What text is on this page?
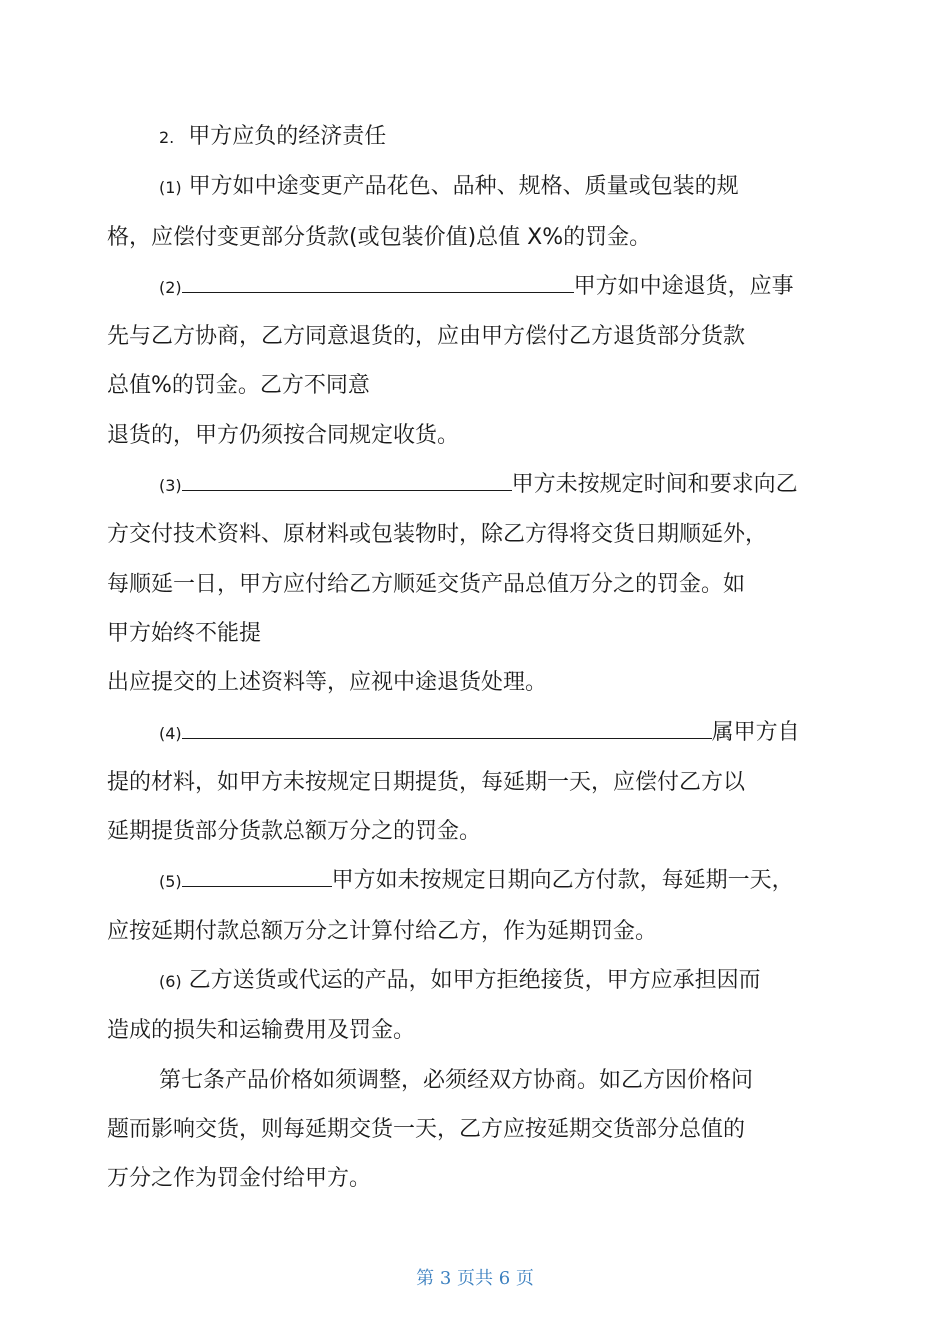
2. 甲方应负的经济责任

(1) 甲方如中途变更产品花色、品种、规格、质量或包装的规
格，应偿付变更部分货款(或包装价值)总值 X%的罚金。

(2)	甲方如中途退货，应事
先与乙方协商，乙方同意退货的，应由甲方偿付乙方退货部分货款
总值%的罚金。乙方不同意
退货的，甲方仍须按合同规定收货。

(3)	甲方未按规定时间和要求向乙
方交付技术资料、原材料或包装物时，除乙方得将交货日期顺延外，
每顺延一日，甲方应付给乙方顺延交货产品总值万分之的罚金。如
甲方始终不能提
出应提交的上述资料等，应视中途退货处理。

(4)	属甲方自
提的材料，如甲方未按规定日期提货，每延期一天，应偿付乙方以
延期提货部分货款总额万分之的罚金。

(5)	甲方如未按规定日期向乙方付款，每延期一天，
应按延期付款总额万分之计算付给乙方，作为延期罚金。

(6) 乙方送货或代运的产品，如甲方拒绝接货，甲方应承担因而
造成的损失和运输费用及罚金。

第七条产品价格如须调整，必须经双方协商。如乙方因价格问
题而影响交货，则每延期交货一天，乙方应按延期交货部分总值的
万分之作为罚金付给甲方。

第 3 页共 6 页
